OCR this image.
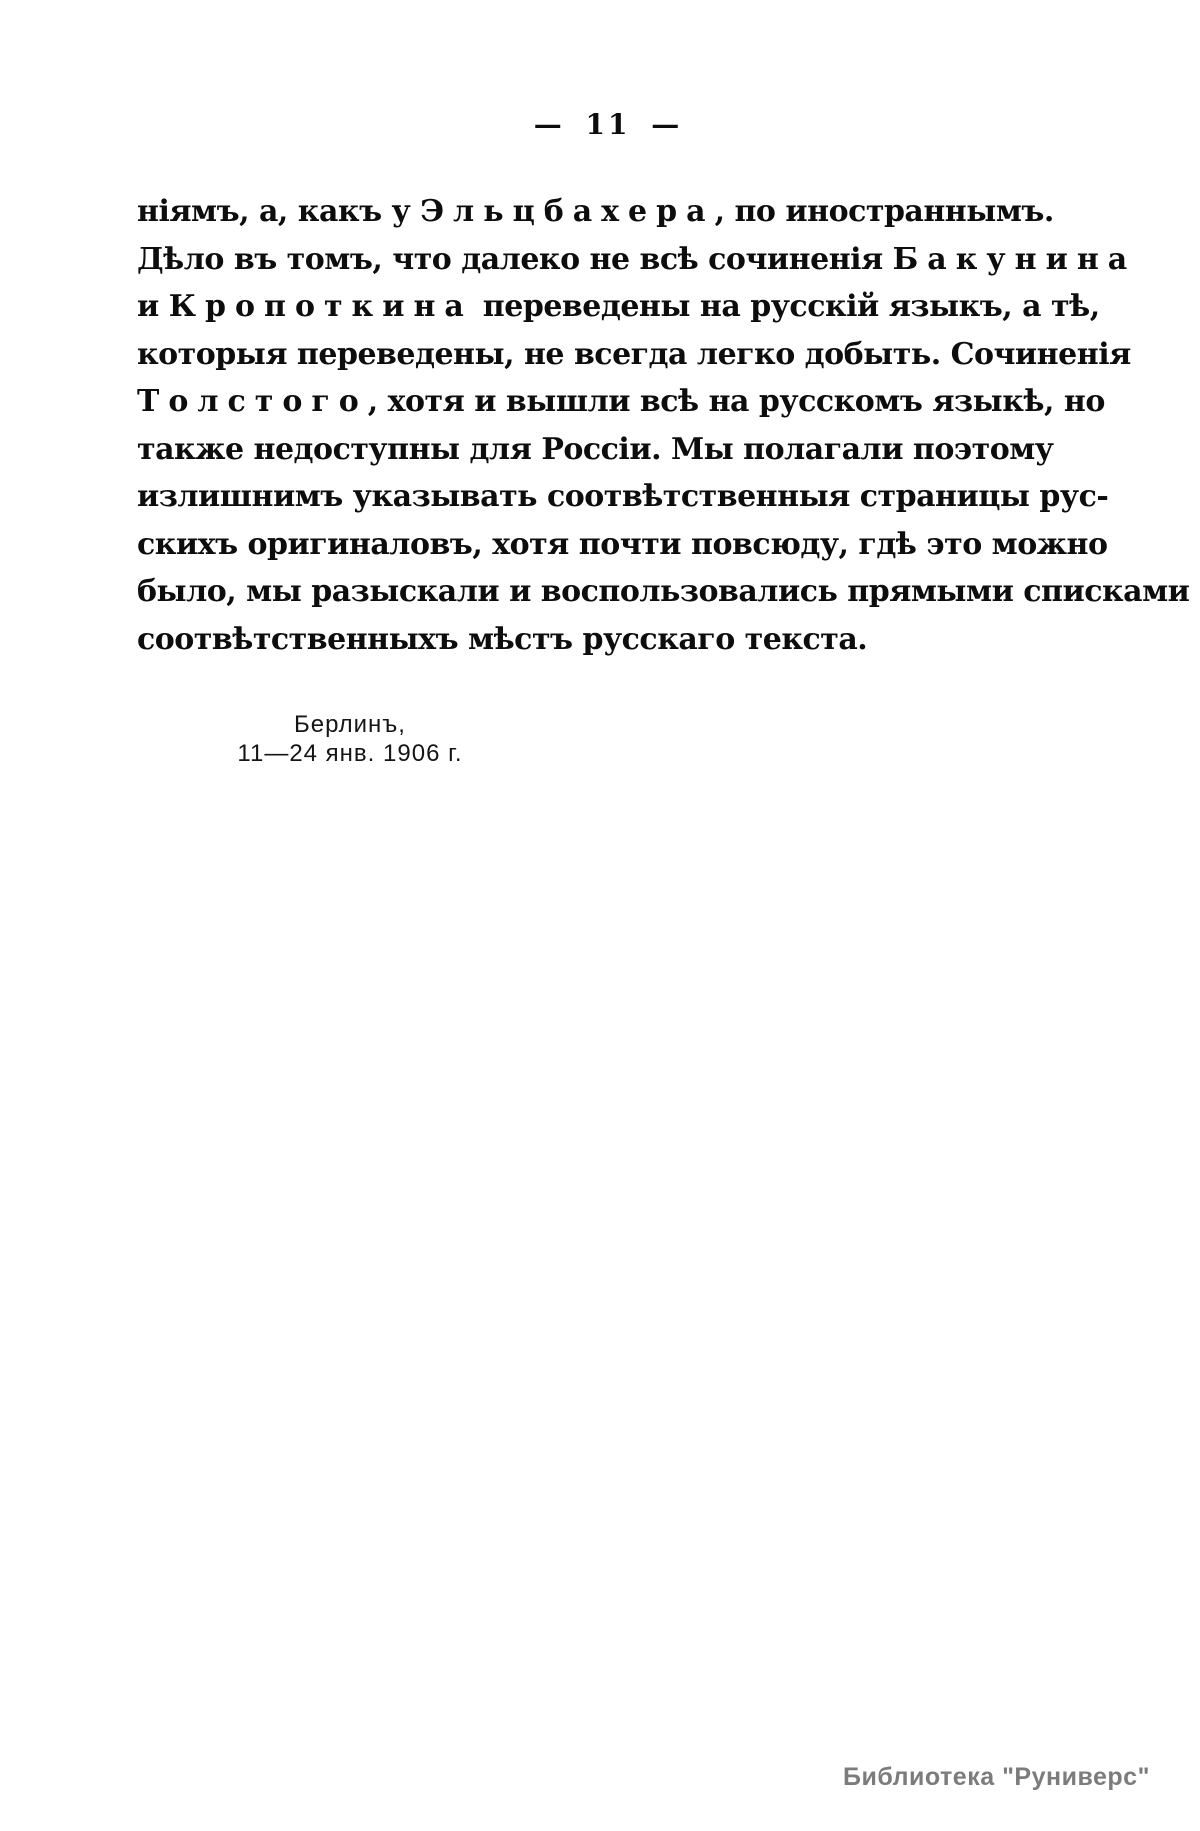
— 11 —
ніямъ, а, какъ у Эльцбахера, по иностраннымъ.
Дѣло въ томъ, что далеко не всѣ сочиненія Бакунина
и Кропоткина переведены на русскій языкъ, а тѣ,
которыя переведены, не всегда легко добыть. Сочиненія
Толстого, хотя и вышли всѣ на русскомъ языкѣ, но
также недоступны для Россіи. Мы полагали поэтому
излишнимъ указывать соотвѣтственныя страницы рус-
скихъ оригиналовъ, хотя почти повсюду, гдѣ это можно
было, мы разыскали и воспользовались прямыми списками
соотвѣтственныхъ мѣстъ русскаго текста.
Берлинъ,
11—24 янв. 1906 г.
Библиотека "Руниверс"
